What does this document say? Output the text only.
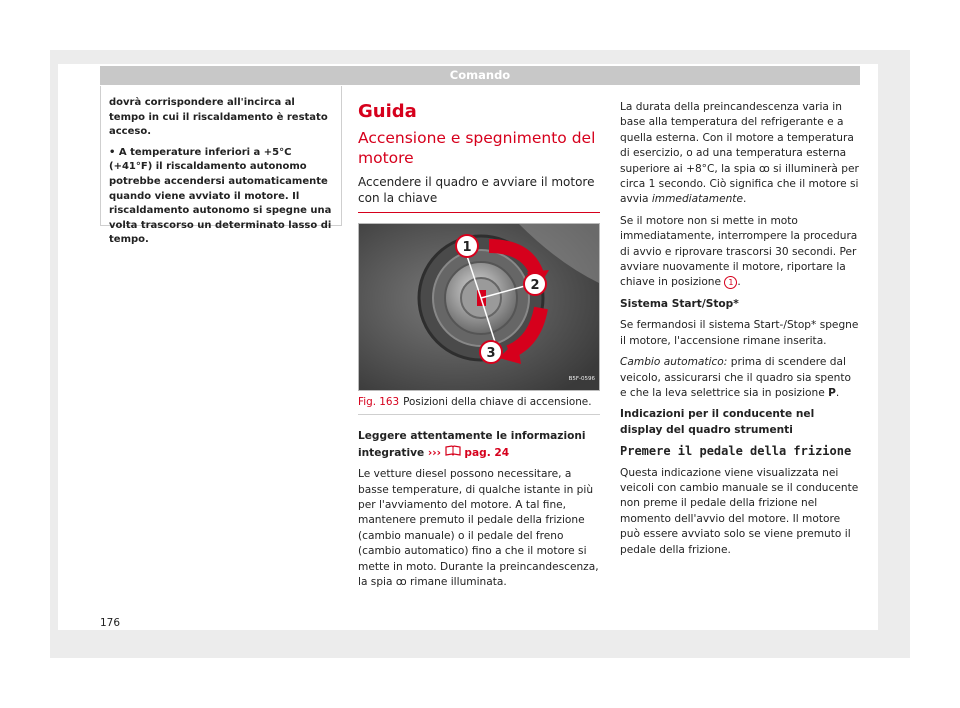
Comando

dovrà corrispondere all'incirca al tempo in cui il riscaldamento è restato acceso.

• A temperature inferiori a +5°C (+41°F) il riscaldamento autonomo potrebbe accendersi automaticamente quando viene avviato il motore. Il riscaldamento autonomo si spegne una volta trascorso un determinato lasso di tempo.

Guida
Accensione e spegnimento del motore
Accendere il quadro e avviare il motore con la chiave
1
2
3
B5F-0596
Fig. 163 Posizioni della chiave di accensione.

Leggere attentamente le informazioni integrative ››› pag. 24

Le vetture diesel possono necessitare, a basse temperature, di qualche istante in più per l'avviamento del motore. A tal fine, mantenere premuto il pedale della frizione (cambio manuale) o il pedale del freno (cambio automatico) fino a che il motore si mette in moto. Durante la preincandescenza, la spia ꝏ rimane illuminata.

La durata della preincandescenza varia in base alla temperatura del refrigerante e a quella esterna. Con il motore a temperatura di esercizio, o ad una temperatura esterna superiore ai +8°C, la spia ꝏ si illuminerà per circa 1 secondo. Ciò significa che il motore si avvia immediatamente.

Se il motore non si mette in moto immediatamente, interrompere la procedura di avvio e riprovare trascorsi 30 secondi. Per avviare nuovamente il motore, riportare la chiave in posizione 1 .

Sistema Start/Stop*

Se fermandosi il sistema Start-/Stop* spegne il motore, l'accensione rimane inserita.

Cambio automatico: prima di scendere dal veicolo, assicurarsi che il quadro sia spento e che la leva selettrice sia in posizione P.

Indicazioni per il conducente nel display del quadro strumenti

Premere il pedale della frizione

Questa indicazione viene visualizzata nei veicoli con cambio manuale se il conducente non preme il pedale della frizione nel momento dell'avvio del motore. Il motore può essere avviato solo se viene premuto il pedale della frizione.

176
